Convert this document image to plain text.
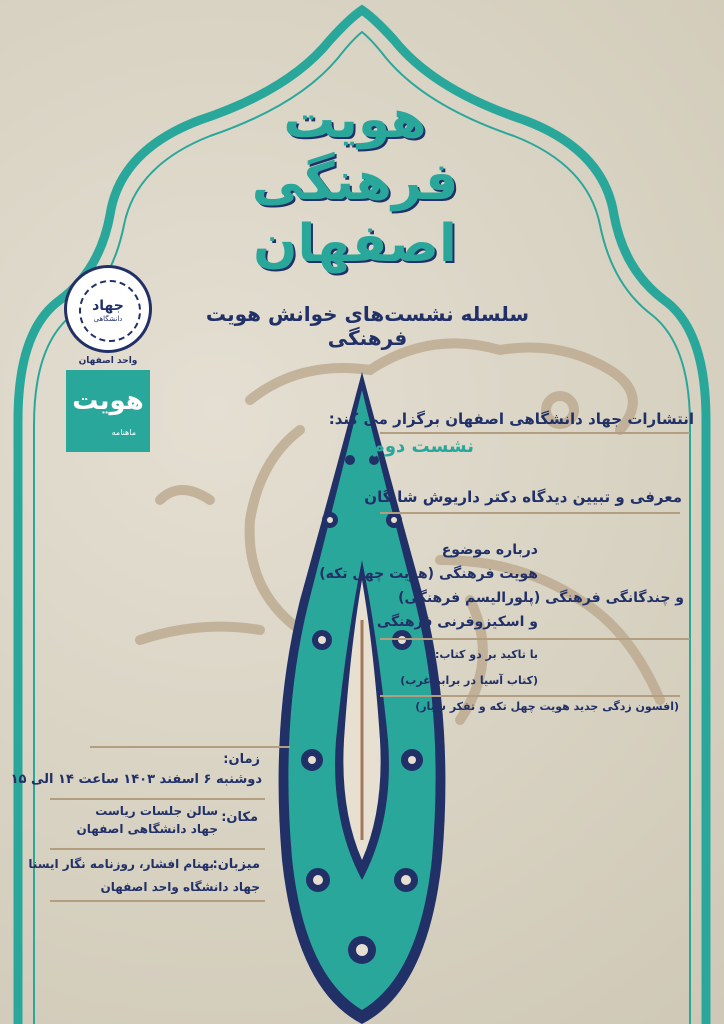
هویت
فرهنگی
اصفهان
سلسله نشست‌های خوانش هویت فرهنگی
جهاد
دانشگاهی
واحد اصفهان
هویت
ماهنامه
انتشارات جهاد دانشگاهی اصفهان برگزار می کند:
نشست دوم
معرفی و تبیین دیدگاه دکتر داریوش شایگان
درباره موضوع
هویت فرهنگی (هویت چهل تکه)
و چندگانگی فرهنگی (پلورالیسم فرهنگی)
و اسکیزوفرنی فرهنگی
با تاکید بر دو کتاب:
(کتاب آسیا در برابر غرب)
(افسون زدگی جدید هویت چهل تکه و تفکر سیار)
زمان:
دوشنبه ۶ اسفند ۱۴۰۳ ساعت ۱۴ الی ۱۵
مکان:
سالن جلسات ریاست
جهاد دانشگاهی اصفهان
میزبان:
بهنام افشار، روزنامه نگار ایسنا
جهاد دانشگاه واحد اصفهان
